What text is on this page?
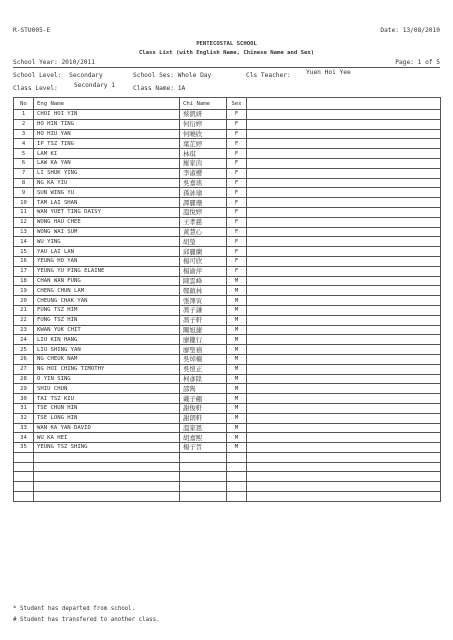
R-STU005-E	Date: 13/08/2010
PENTECOSTAL SCHOOL
Class List (with English Name, Chinese Name and Sex)
School Year: 2010/2011	Page: 1 of 5
School Level: Secondary	School Ses: Whole Day	Cls Teacher: Yuen Hoi Yee
Class Level:	Secondary 1	Class Name: 1A
No	Eng Name	Chi Name	Sex	
1	CHOI HOI YIN	蔡凱妍	F	
2	HO HIN TING	何衍婷	F	
3	HO HIU YAN	何曉欣	F	
4	IP TSZ TING	葉芷婷	F	
5	LAM KI	林琪	F	
6	LAW KA YAN	羅家茵	F	
7	LI SHUK YING	李淑櫻	F	
8	NG KA YIU	吳嘉瑤	F	
9	SUN WING YU	孫詠瑜	F	
10	TAM LAI SHAN	譚麗珊	F	
11	WAN YUET TING DAISY	溫悅婷	F	
12	WONG HAU CHEE	王孝慈	F	
13	WONG WAI SUM	黃慧心	F	
14	WU YING	胡瑩	F	
15	YAU LAI LAN	邱麗蘭	F	
16	YEUNG HO YAN	楊可欣	F	
17	YEUNG YU PING ELAINE	楊渝萍	F	
18	CHAN WAN FUNG	陳雲峰	M	
19	CHENG CHUN LAM	鄭鎮林	M	
20	CHEUNG CHAK YAN	張澤寅	M	
21	FUNG TSZ HIM	馮子謙	M	
22	FUNG TSZ HIN	馮子軒	M	
23	KWAN YUK CHIT	關旭捷	M	
24	LIU KIN HANG	廖鍵行	M	
25	LIU SHING YAN	廖聖禧	M	
26	NG CHEUK NAM	吳焯楠	M	
27	NG HOI CHING TIMOTHY	吳愷正	M	
28	O YIN SING	柯彥陞	M	
29	SHIU CHUN	邵雋	M	
30	TAI TSZ KIU	戴子翹	M	
31	TSE CHUN HIN	謝俊軒	M	
32	TSE LONG HIN	謝朗軒	M	
33	WAN KA YAN DAVID	溫家恩	M	
34	WU KA HEI	胡嘉熙	M	
35	YEUNG TSZ SHING	楊子晉	M	

* Student has departed from school.
# Student has transfered to another class.
